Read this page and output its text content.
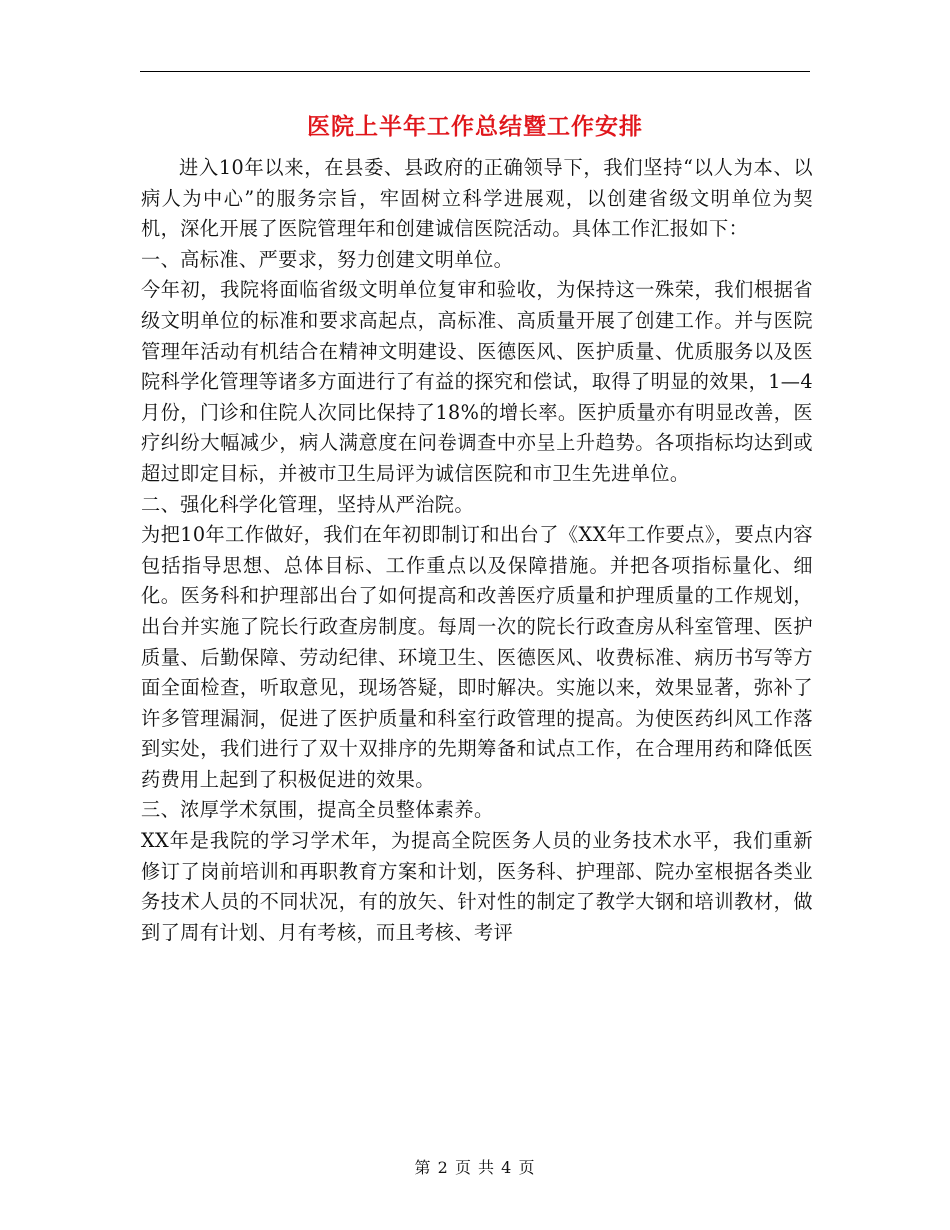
医院上半年工作总结暨工作安排

进入10年以来，在县委、县政府的正确领导下，我们坚持“以人为本、以病人为中心”的服务宗旨，牢固树立科学进展观，以创建省级文明单位为契机，深化开展了医院管理年和创建诚信医院活动。具体工作汇报如下：

一、高标准、严要求，努力创建文明单位。

今年初，我院将面临省级文明单位复审和验收，为保持这一殊荣，我们根据省级文明单位的标准和要求高起点，高标准、高质量开展了创建工作。并与医院管理年活动有机结合在精神文明建设、医德医风、医护质量、优质服务以及医院科学化管理等诸多方面进行了有益的探究和偿试，取得了明显的效果，1—4月份，门诊和住院人次同比保持了18%的增长率。医护质量亦有明显改善，医疗纠纷大幅减少，病人满意度在问卷调查中亦呈上升趋势。各项指标均达到或超过即定目标，并被市卫生局评为诚信医院和市卫生先进单位。

二、强化科学化管理，坚持从严治院。

为把10年工作做好，我们在年初即制订和出台了《XX年工作要点》，要点内容包括指导思想、总体目标、工作重点以及保障措施。并把各项指标量化、细化。医务科和护理部出台了如何提高和改善医疗质量和护理质量的工作规划，出台并实施了院长行政查房制度。每周一次的院长行政查房从科室管理、医护质量、后勤保障、劳动纪律、环境卫生、医德医风、收费标准、病历书写等方面全面检查，听取意见，现场答疑，即时解决。实施以来，效果显著，弥补了许多管理漏洞，促进了医护质量和科室行政管理的提高。为使医药纠风工作落到实处，我们进行了双十双排序的先期筹备和试点工作，在合理用药和降低医药费用上起到了积极促进的效果。

三、浓厚学术氛围，提高全员整体素养。

XX年是我院的学习学术年，为提高全院医务人员的业务技术水平，我们重新修订了岗前培训和再职教育方案和计划，医务科、护理部、院办室根据各类业务技术人员的不同状况，有的放矢、针对性的制定了教学大钢和培训教材，做到了周有计划、月有考核，而且考核、考评

第 2 页 共 4 页
